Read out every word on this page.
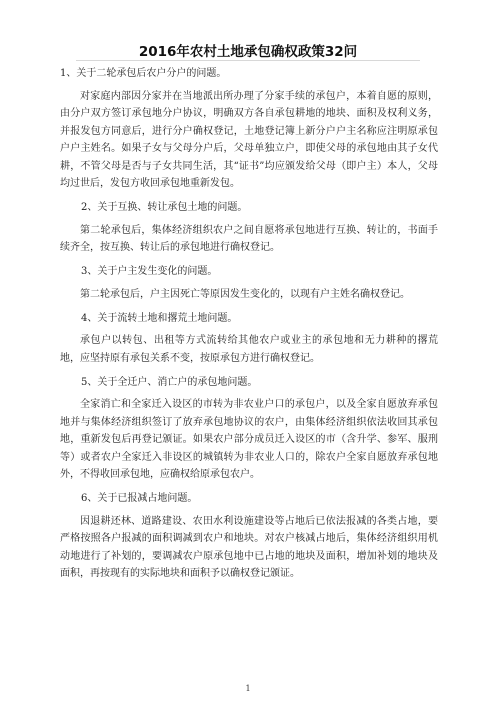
2016年农村土地承包确权政策32问

1、关于二轮承包后农户分户的问题。

对家庭内部因分家并在当地派出所办理了分家手续的承包户，本着自愿的原则，由分户双方签订承包地分户协议，明确双方各自承包耕地的地块、面积及权利义务，并报发包方同意后，进行分户确权登记，土地登记簿上新分户户主名称应注明原承包户户主姓名。如果子女与父母分户后，父母单独立户，即使父母的承包地由其子女代耕，不管父母是否与子女共同生活，其“证书”均应颁发给父母（即户主）本人，父母均过世后，发包方收回承包地重新发包。

2、关于互换、转让承包土地的问题。

第二轮承包后，集体经济组织农户之间自愿将承包地进行互换、转让的，书面手续齐全，按互换、转让后的承包地进行确权登记。

3、关于户主发生变化的问题。

第二轮承包后，户主因死亡等原因发生变化的，以现有户主姓名确权登记。

4、关于流转土地和撂荒土地问题。

承包户以转包、出租等方式流转给其他农户或业主的承包地和无力耕种的撂荒地，应坚持原有承包关系不变，按原承包方进行确权登记。

5、关于全迁户、消亡户的承包地问题。

全家消亡和全家迁入设区的市转为非农业户口的承包户，以及全家自愿放弃承包地并与集体经济组织签订了放弃承包地协议的农户，由集体经济组织依法收回其承包地，重新发包后再登记颁证。如果农户部分成员迁入设区的市（含升学、参军、服刑等）或者农户全家迁入非设区的城镇转为非农业人口的，除农户全家自愿放弃承包地外，不得收回承包地，应确权给原承包农户。

6、关于已报减占地问题。

因退耕还林、道路建设、农田水利设施建设等占地后已依法报减的各类占地，要严格按照各户报减的面积调减到农户和地块。对农户核减占地后，集体经济组织用机动地进行了补划的，要调减农户原承包地中已占地的地块及面积，增加补划的地块及面积，再按现有的实际地块和面积予以确权登记颁证。

1
